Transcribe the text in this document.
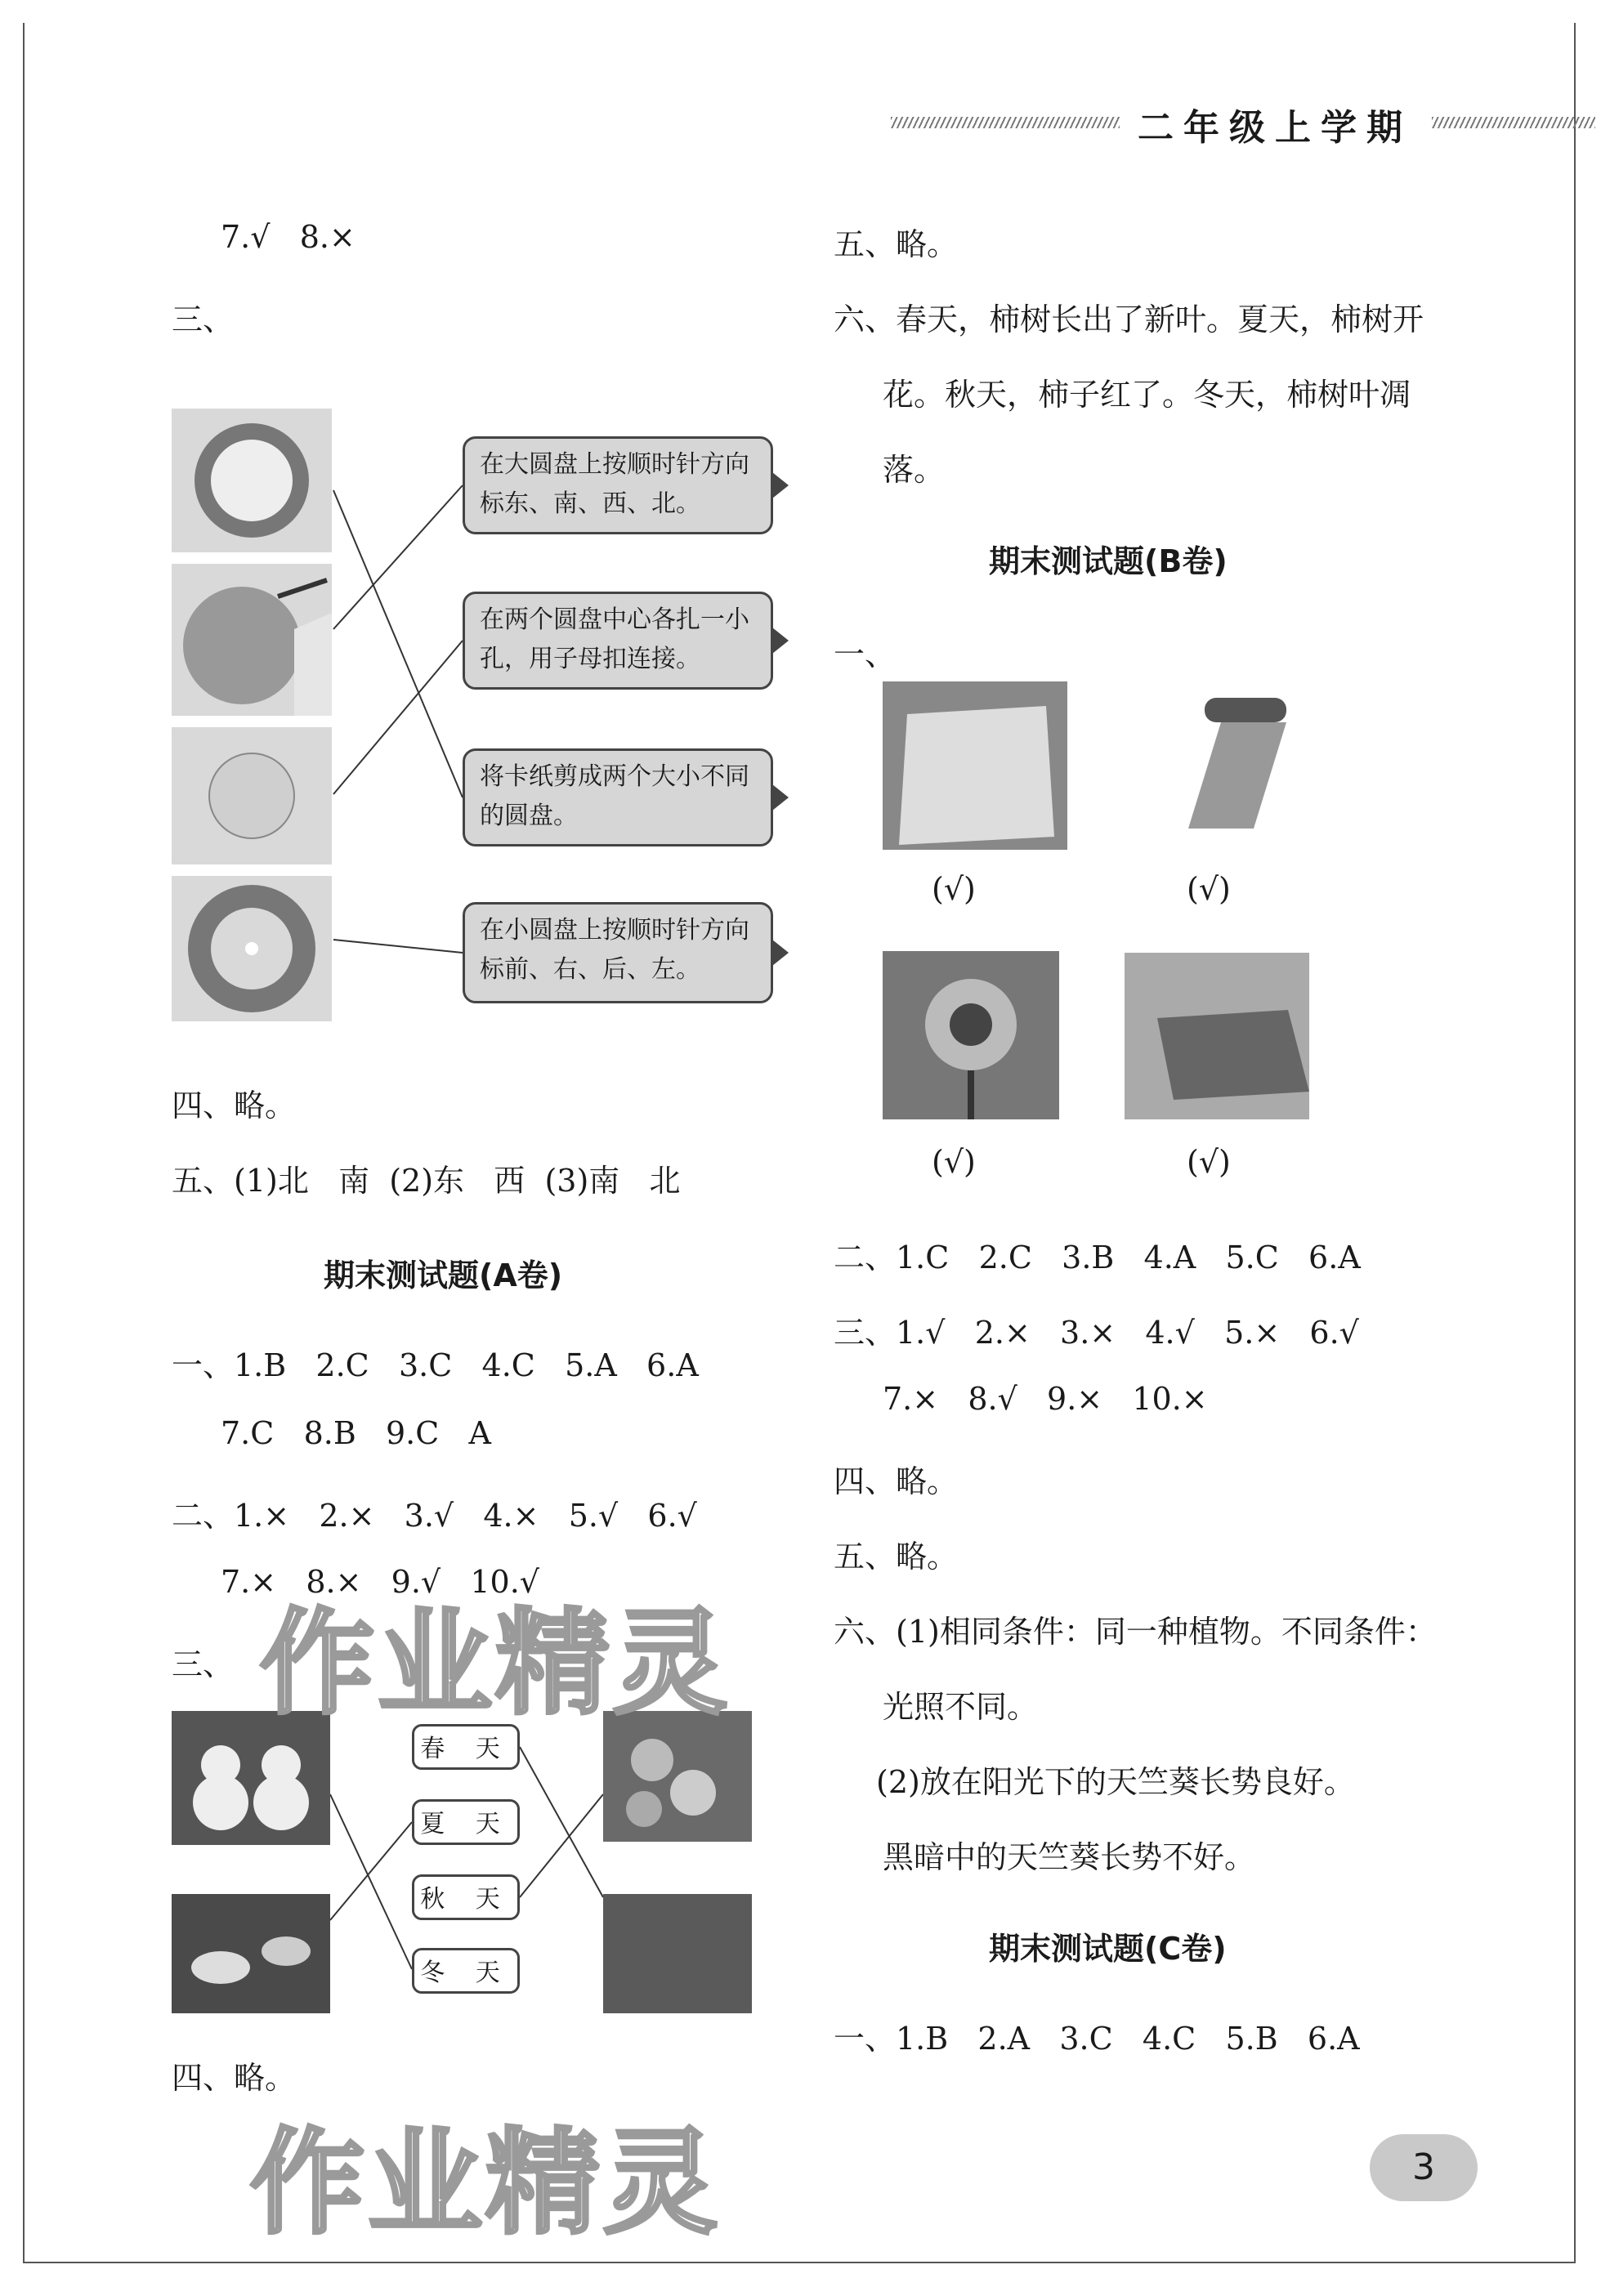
二年级上学期
7.√   8.×
三、
在大圆盘上按顺时针方向标东、南、西、北。
在两个圆盘中心各扎一小孔，用子母扣连接。
将卡纸剪成两个大小不同的圆盘。
在小圆盘上按顺时针方向标前、右、后、左。
四、略。
五、(1)北   南  (2)东   西  (3)南   北
期末测试题(A卷)
一、1.B   2.C   3.C   4.C   5.A   6.A
7.C   8.B   9.C   A
二、1.×   2.×   3.√   4.×   5.√   6.√
7.×   8.×   9.√   10.√
三、
春 天
夏 天
秋 天
冬 天
四、略。
五、略。
六、春天，柿树长出了新叶。夏天，柿树开
花。秋天，柿子红了。冬天，柿树叶凋
落。
期末测试题(B卷)
一、
(√)	(√)
(√)	(√)
二、1.C   2.C   3.B   4.A   5.C   6.A
三、1.√   2.×   3.×   4.√   5.×   6.√
7.×   8.√   9.×   10.×
四、略。
五、略。
六、(1)相同条件：同一种植物。不同条件：
光照不同。
(2)放在阳光下的天竺葵长势良好。
黑暗中的天竺葵长势不好。
期末测试题(C卷)
一、1.B   2.A   3.C   4.C   5.B   6.A
作业精灵
作业精灵	3
